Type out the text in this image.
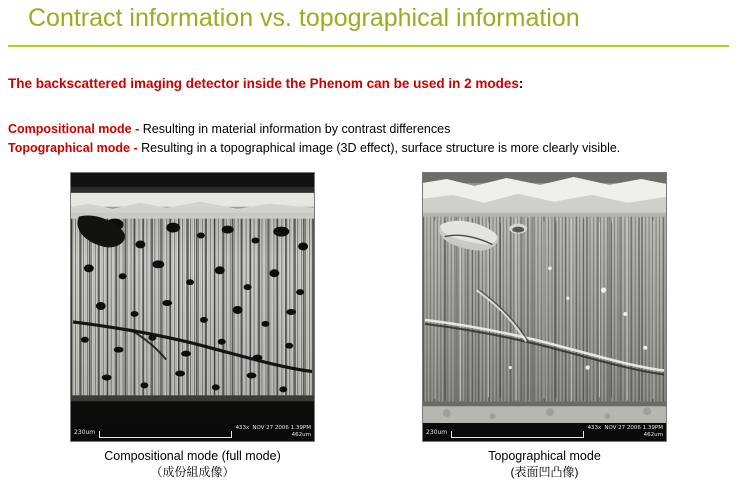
Contract information vs. topographical information
The backscattered imaging detector inside the Phenom can be used in 2 modes:
Compositional mode - Resulting in material information by contrast differences
Topographical mode - Resulting in a topographical image (3D effect), surface structure is more clearly visible.
230um
433x NOV 27 2006 1.39PM
462um
Compositional mode (full mode)
（成份組成像）
230um
433x NOV 27 2006 1.39PM
462um
Topographical mode
(表面凹凸像)
